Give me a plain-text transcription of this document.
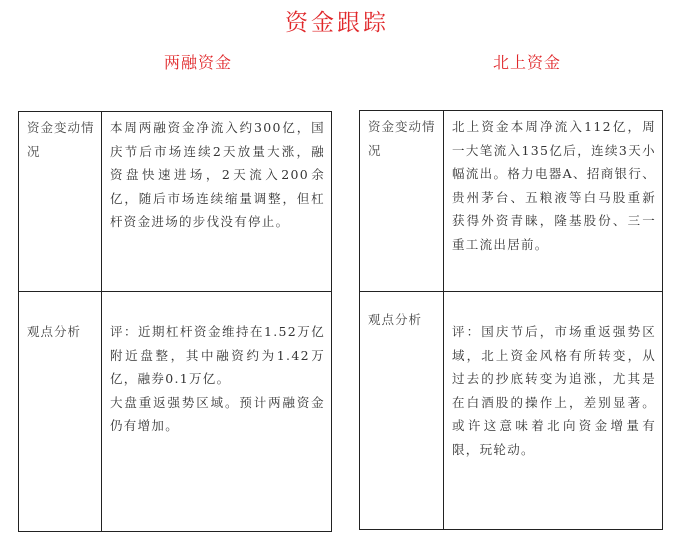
资金跟踪
两融资金	北上资金
资金变动情况	本周两融资金净流入约300亿，国庆节后市场连续2天放量大涨，融资盘快速进场，2天流入200余亿，随后市场连续缩量调整，但杠杆资金进场的步伐没有停止。
观点分析	评：近期杠杆资金维持在1.52万亿附近盘整，其中融资约为1.42万亿，融券0.1万亿。

大盘重返强势区域。预计两融资金仍有增加。

资金变动情况	北上资金本周净流入112亿，周一大笔流入135亿后，连续3天小幅流出。格力电器A、招商银行、贵州茅台、五粮液等白马股重新获得外资青睐，隆基股份、三一重工流出居前。
观点分析	评：国庆节后，市场重返强势区域，北上资金风格有所转变，从过去的抄底转变为追涨，尤其是在白酒股的操作上，差别显著。或许这意味着北向资金增量有限，玩轮动。
